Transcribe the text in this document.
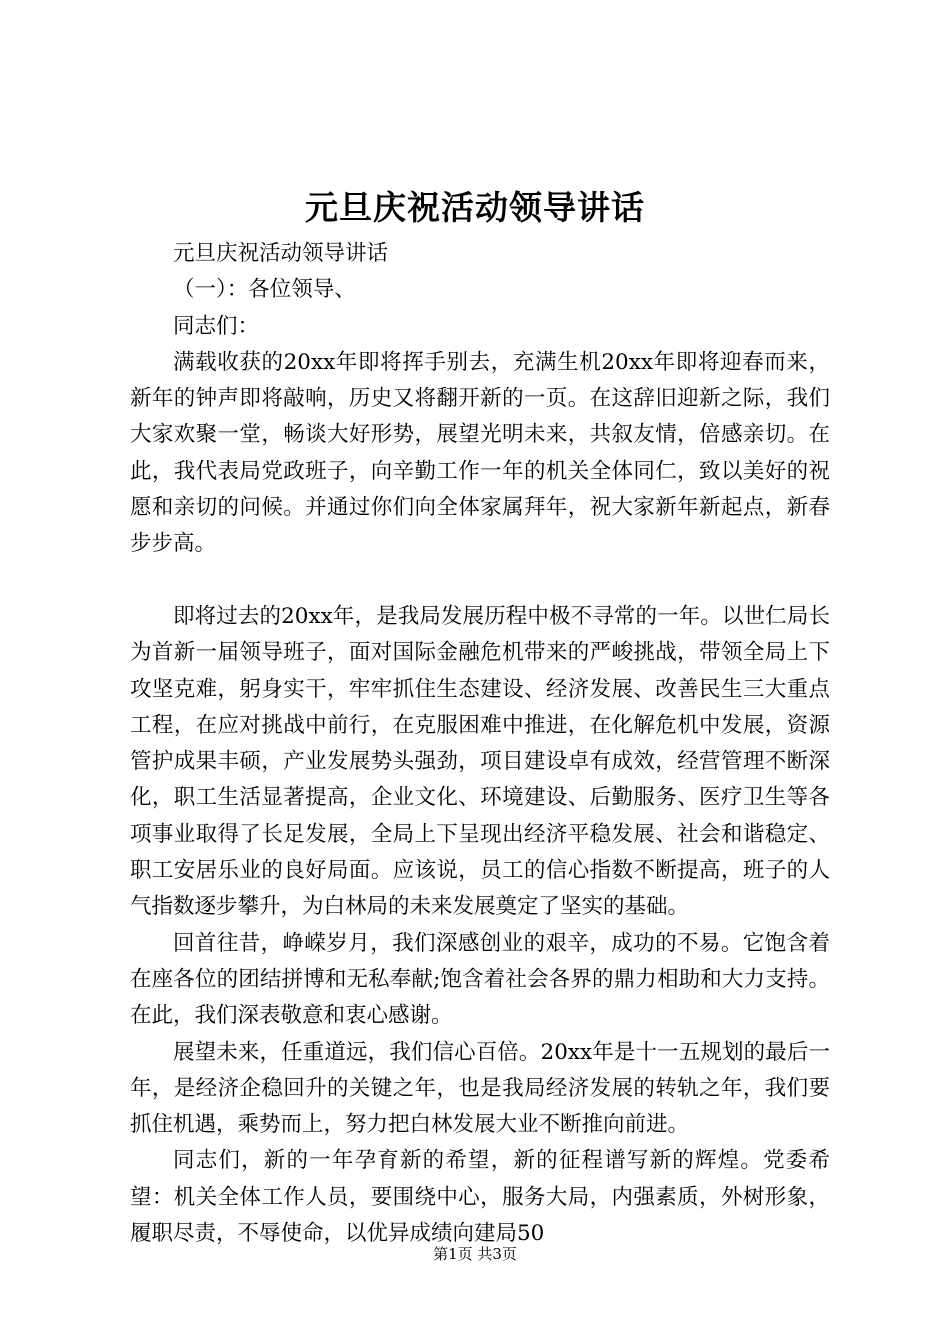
元旦庆祝活动领导讲话

元旦庆祝活动领导讲话

（一）：各位领导、

同志们：

满载收获的20xx年即将挥手别去，充满生机20xx年即将迎春而来，新年的钟声即将敲响，历史又将翻开新的一页。在这辞旧迎新之际，我们大家欢聚一堂，畅谈大好形势，展望光明未来，共叙友情，倍感亲切。在此，我代表局党政班子，向辛勤工作一年的机关全体同仁，致以美好的祝愿和亲切的问候。并通过你们向全体家属拜年，祝大家新年新起点，新春步步高。

即将过去的20xx年，是我局发展历程中极不寻常的一年。以世仁局长为首新一届领导班子，面对国际金融危机带来的严峻挑战，带领全局上下攻坚克难，躬身实干，牢牢抓住生态建设、经济发展、改善民生三大重点工程，在应对挑战中前行，在克服困难中推进，在化解危机中发展，资源管护成果丰硕，产业发展势头强劲，项目建设卓有成效，经营管理不断深化，职工生活显著提高，企业文化、环境建设、后勤服务、医疗卫生等各项事业取得了长足发展，全局上下呈现出经济平稳发展、社会和谐稳定、职工安居乐业的良好局面。应该说，员工的信心指数不断提高，班子的人气指数逐步攀升，为白林局的未来发展奠定了坚实的基础。

回首往昔，峥嵘岁月，我们深感创业的艰辛，成功的不易。它饱含着在座各位的团结拼博和无私奉献;饱含着社会各界的鼎力相助和大力支持。在此，我们深表敬意和衷心感谢。

展望未来，任重道远，我们信心百倍。20xx年是十一五规划的最后一年，是经济企稳回升的关键之年，也是我局经济发展的转轨之年，我们要抓住机遇，乘势而上，努力把白林发展大业不断推向前进。

同志们，新的一年孕育新的希望，新的征程谱写新的辉煌。党委希望：机关全体工作人员，要围绕中心，服务大局，内强素质，外树形象，履职尽责，不辱使命，以优异成绩向建局50

第1页 共3页
